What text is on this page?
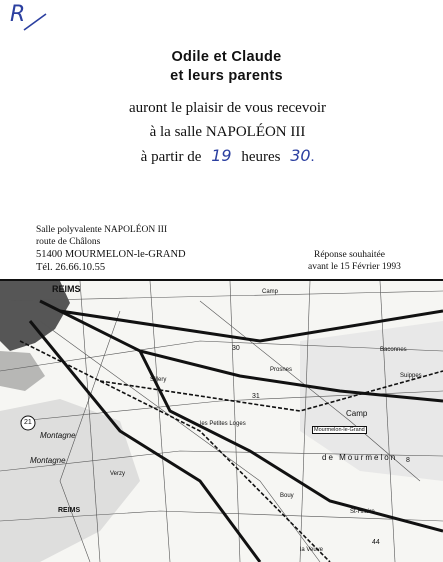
R
Odile et Claude
et leurs parents
auront le plaisir de vous recevoir
à la salle NAPOLÉON III
à partir de 19 heures 30.
Salle polyvalente NAPOLÉON III
route de Châlons
51400 MOURMELON-le-GRAND
Tél. 26.66.10.55
Réponse souhaitée
avant le 15 Février 1993
REIMS
Mourmelon-le-Grand
Camp
Camp
de Mourmelon
Montagne
Montagne
REIMS
21
31
44
30
8
Sillery
les Petites Loges
Suippes
Verzy
Prosnes
Baconnes
Bouy
la Veuve
St-Hilaire
